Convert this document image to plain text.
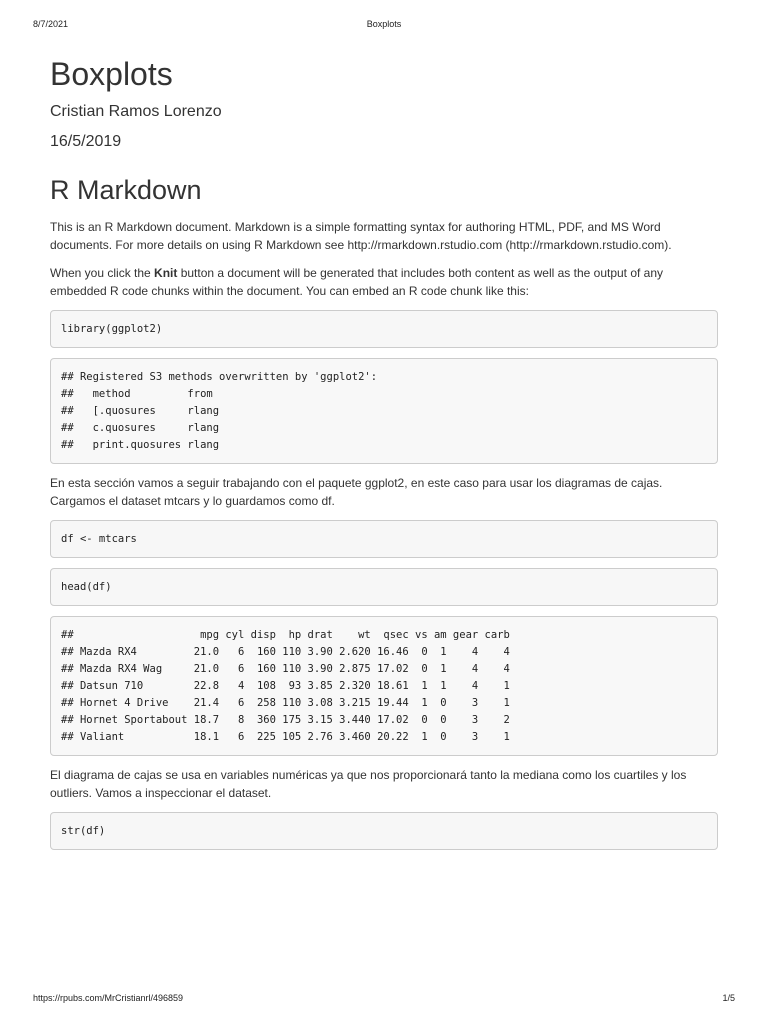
8/7/2021	Boxplots
Boxplots
Cristian Ramos Lorenzo
16/5/2019
R Markdown

This is an R Markdown document. Markdown is a simple formatting syntax for authoring HTML, PDF, and MS Word documents. For more details on using R Markdown see http://rmarkdown.rstudio.com (http://rmarkdown.rstudio.com).

When you click the Knit button a document will be generated that includes both content as well as the output of any embedded R code chunks within the document. You can embed an R code chunk like this:

library(ggplot2)
## Registered S3 methods overwritten by 'ggplot2':
##   method         from
##   [.quosures     rlang
##   c.quosures     rlang
##   print.quosures rlang

En esta sección vamos a seguir trabajando con el paquete ggplot2, en este caso para usar los diagramas de cajas. Cargamos el dataset mtcars y lo guardamos como df.

df <- mtcars
head(df)
##                    mpg cyl disp  hp drat    wt  qsec vs am gear carb
## Mazda RX4         21.0   6  160 110 3.90 2.620 16.46  0  1    4    4
## Mazda RX4 Wag     21.0   6  160 110 3.90 2.875 17.02  0  1    4    4
## Datsun 710        22.8   4  108  93 3.85 2.320 18.61  1  1    4    1
## Hornet 4 Drive    21.4   6  258 110 3.08 3.215 19.44  1  0    3    1
## Hornet Sportabout 18.7   8  360 175 3.15 3.440 17.02  0  0    3    2
## Valiant           18.1   6  225 105 2.76 3.460 20.22  1  0    3    1

El diagrama de cajas se usa en variables numéricas ya que nos proporcionará tanto la mediana como los cuartiles y los outliers. Vamos a inspeccionar el dataset.

str(df)
https://rpubs.com/MrCristianrl/496859	1/5
